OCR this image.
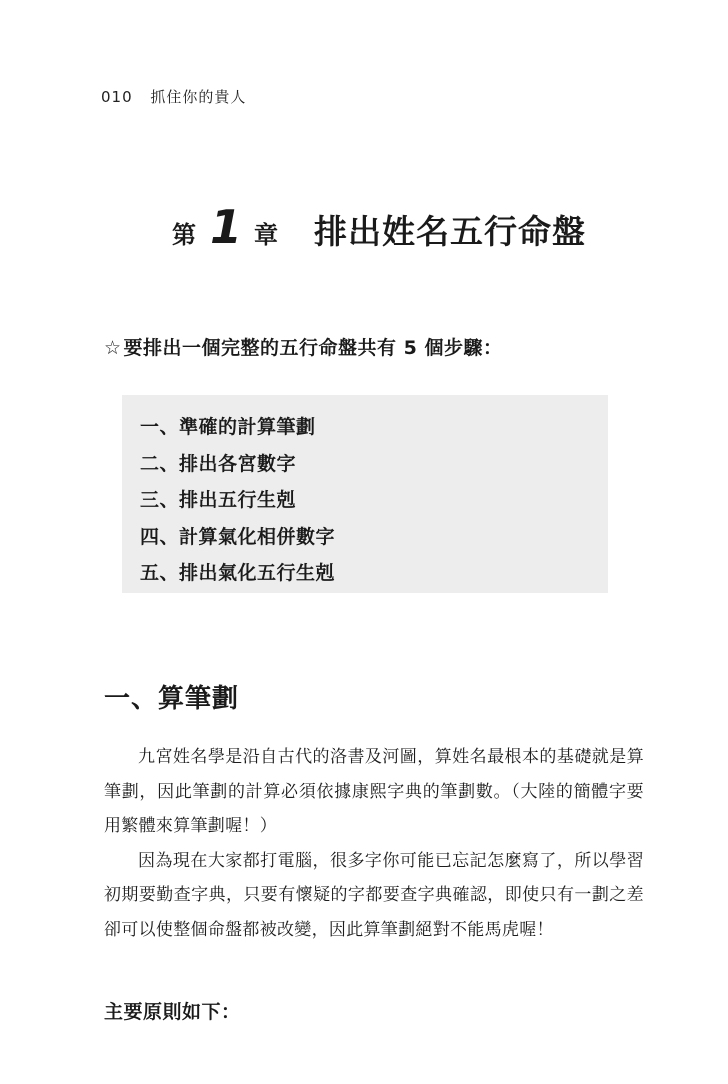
010 抓住你的貴人
第 1 章 排出姓名五行命盤
☆ 要排出一個完整的五行命盤共有 5 個步驟：
一、準確的計算筆劃
二、排出各宮數字
三、排出五行生剋
四、計算氣化相併數字
五、排出氣化五行生剋
一、算筆劃

九宮姓名學是沿自古代的洛書及河圖，算姓名最根本的基礎就是算筆劃，因此筆劃的計算必須依據康熙字典的筆劃數。（大陸的簡體字要用繁體來算筆劃喔！）

因為現在大家都打電腦，很多字你可能已忘記怎麼寫了，所以學習初期要勤查字典，只要有懷疑的字都要查字典確認，即使只有一劃之差卻可以使整個命盤都被改變，因此算筆劃絕對不能馬虎喔！

主要原則如下：
